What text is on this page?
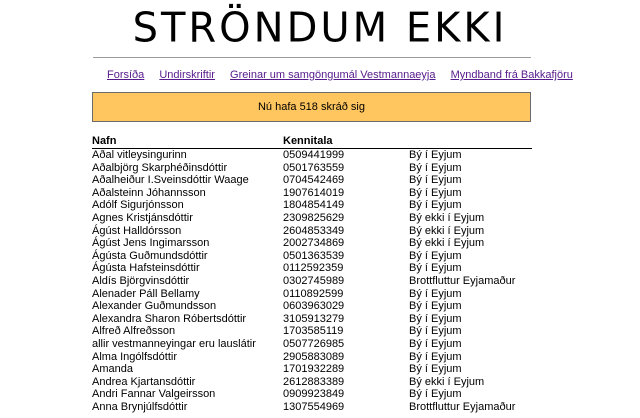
STRÖNDUM EKKI
Forsíða Undirskriftir Greinar um samgöngumál Vestmannaeyja Myndband frá Bakkafjöru
Nú hafa 518 skráð sig
Nafn	Kennitala	
Aðal vitleysingurinn	0509441999	Bý í Eyjum
Aðalbjörg Skarphéðinsdóttir	0501763559	Bý í Eyjum
Aðalheiður I.Sveinsdóttir Waage	0704542469	Bý í Eyjum
Aðalsteinn Jóhannsson	1907614019	Bý í Eyjum
Adólf Sigurjónsson	1804854149	Bý í Eyjum
Agnes Kristjánsdóttir	2309825629	Bý ekki í Eyjum
Ágúst Halldórsson	2604853349	Bý ekki í Eyjum
Ágúst Jens Ingimarsson	2002734869	Bý ekki í Eyjum
Ágústa Guðmundsdóttir	0501363539	Bý í Eyjum
Ágústa Hafsteinsdóttir	0112592359	Bý í Eyjum
Aldís Björgvinsdóttir	0302745989	Brottfluttur Eyjamaður
Alenader Páll Bellamy	0110892599	Bý í Eyjum
Alexander Guðmundsson	0603963029	Bý í Eyjum
Alexandra Sharon Róbertsdóttir	3105913279	Bý í Eyjum
Alfreð Alfreðsson	1703585119	Bý í Eyjum
allir vestmanneyingar eru lauslátir	0507726985	Bý í Eyjum
Alma Ingólfsdóttir	2905883089	Bý í Eyjum
Amanda	1701932289	Bý í Eyjum
Andrea Kjartansdóttir	2612883389	Bý ekki í Eyjum
Andri Fannar Valgeirsson	0909923849	Bý í Eyjum
Anna Brynjúlfsdóttir	1307554969	Brottfluttur Eyjamaður
